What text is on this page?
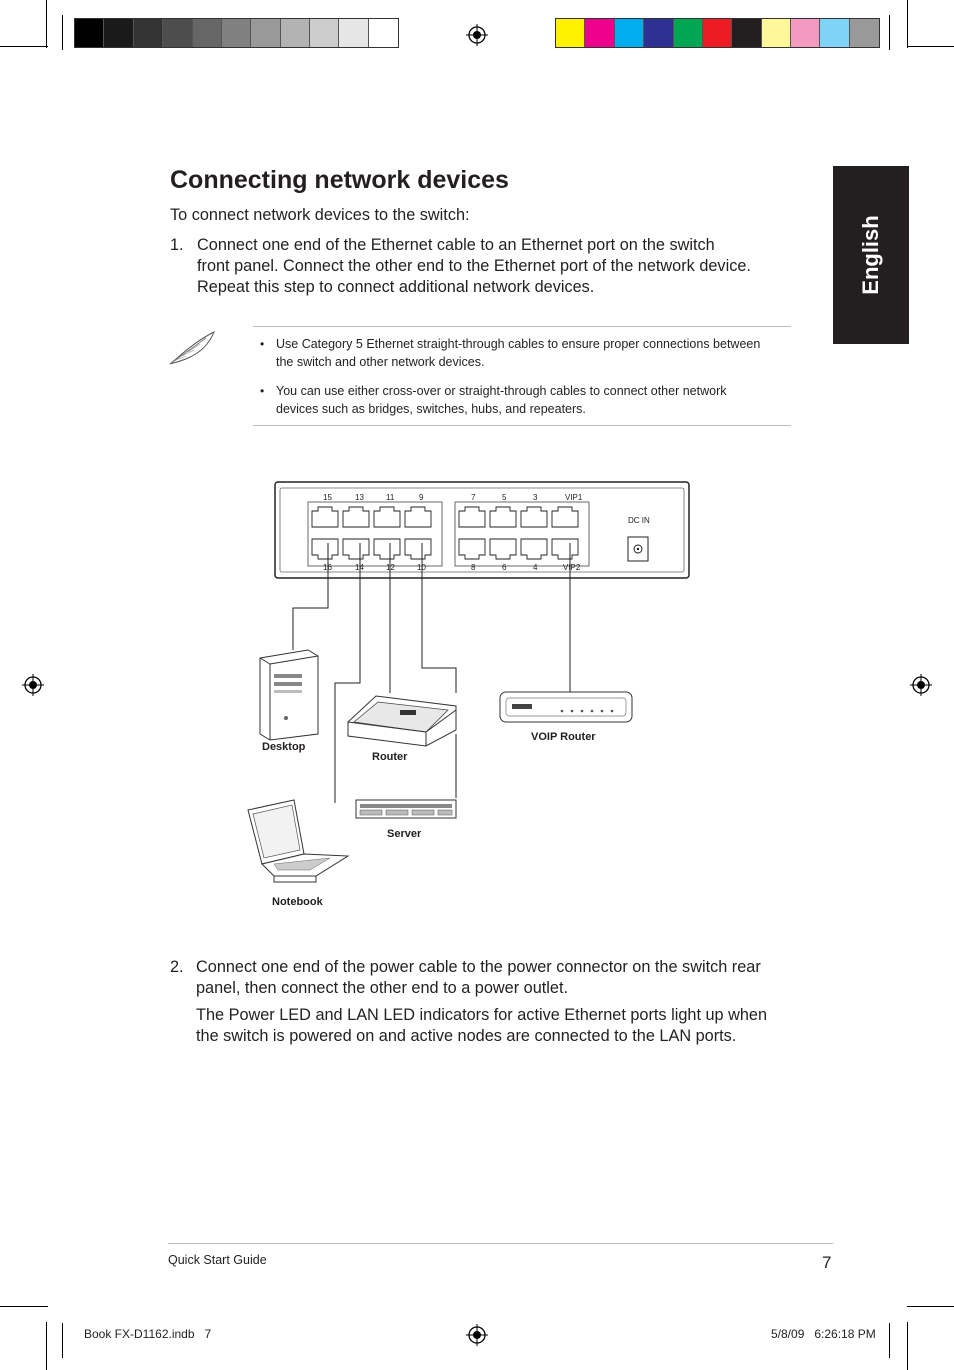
English
Connecting network devices
To connect network devices to the switch:
1. Connect one end of the Ethernet cable to an Ethernet port on the switch
front panel. Connect the other end to the Ethernet port of the network device.
Repeat this step to connect additional network devices.
• Use Category 5 Ethernet straight-through cables to ensure proper connections between
the switch and other network devices.
• You can use either cross-over or straight-through cables to connect other network
devices such as bridges, switches, hubs, and repeaters.
15	13	11	9	7	5	3	VIP1
16	14	12	10	8	6	4	VIP2
DC IN
Desktop
Router
VOIP Router
Server
Notebook
2. Connect one end of the power cable to the power connector on the switch rear
panel, then connect the other end to a power outlet.
The Power LED and LAN LED indicators for active Ethernet ports light up when
the switch is powered on and active nodes are connected to the LAN ports.
Quick Start Guide	7
Book FX-D1162.indb   7	5/8/09   6:26:18 PM
